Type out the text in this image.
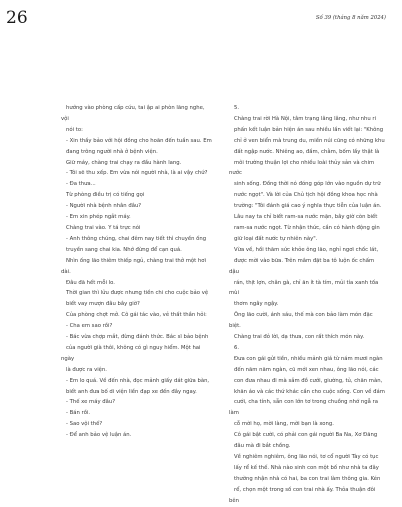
26	Số 39 (tháng 8 năm 2024)

hướng vào phòng cấp cứu, tai ập ai phòn lăng nghe, vội

nói to:

- Xin thầy bảo với hội đồng cho hoãn đến tuần sau. Em

đang trông người nhà ở bệnh viện.

Giữ máy, chàng trai chạy ra đầu hành lang.

- Tôi sẽ thu xếp. Em vừa nói người nhà, là ai vậy chứ?

- Đa thưa...

Từ phòng điều trị có tiếng gọi

- Người nhà bệnh nhân đâu?

- Em xin phép ngắt máy.

Chàng trai vào. Y tá trực nói

- Anh thông chúng, chai đêm nay tiết thì chuyền ống

truyền sang chai kia. Nhớ đừng để cạn quá.

Nhìn ống lão thiêm thiếp ngủ, chàng trai thở một hơi dài.

Đâu đã hết mỗi lo.

Thời gian thì lửu được nhưng tiền chi cho cuộc bảo vệ

biết vay mượn đâu bây giờ?

Của phòng chợt mở. Cô gái tác vào, vẻ thất thần hỏi:

- Cha em sao rồi?

- Bác vừa chợp mắt, đừng đánh thức. Bác sĩ bảo bệnh

của người già thôi, không có gì nguy hiểm. Một hai ngày

là được ra viện.

- Em lo quá. Về đến nhà, đọc mảnh giấy dát giữa bàn,

biết anh đưa bố di viện liền đạp xe đến đây ngay.

- Thế xe máy đâu?

- Bán rồi.

- Sao vội thế?

- Để anh bảo vệ luận án.

5.

Chàng trai rời Hà Nội, tâm trạng lâng lâng, như nhu ri

phấn kết luận bản hiện án sau nhiều lần viết lại: "Không

chỉ ở ven biển mà trung du, miền núi cũng có những khu

đất ngập nước. Nhiêng ao, đầm, chằm, bốm lầy thật là

môi trường thuận lợi cho nhiều loài thủy sản và chim nước

sinh sống. Đồng thời nó đóng góp lớn vào nguồn dự trữ

nước ngọt". Và lời của Chủ tịch hội đồng khoa học nhà

trường: "Tôi đánh giá cao ý nghĩa thực tiễn của luận án.

Lâu nay ta chỉ biết ram-sa nước mặn, bây giờ còn biết

ram-sa nước ngọt. Từ nhận thức, cần có hành động gìn

giữ loại đất nước tự nhiên này".

Vừa về, hồi thăm sức khỏe ông lão, nghỉ ngơi chốc lát,

được mời vào bữa. Trên mâm đặt ba tô luộn ốc chấm dậu

rán, thịt lợn, chân gà, chỉ ăn ít tà tím, mủi tía xanh tốa mùi

thơm ngây ngậy.

Ông lão cười, ánh sáu, thế mà con bảo làm món đặc biệt.

Chàng trai đỏ lời, dạ thưa, con rất thích món này.

6.

Đưa con gái gửi tiền, nhiều mảnh giá từ nám mươi ngàn

đến năm năm ngàn, cũ mới xen nhau, ông lão nói, các

con đưa nhau đi mà sắm đồ cưới, giường, tủ, chăn màn,

khăn áo và các thứ khác cần cho cuộc sống. Con về đám

cưới, cha tính, sẵn con lớn tơ trong chuồng nhớ ngẫ ra làm

cỗ mời họ, mời làng, mời bạn là xong.

Cô gái bật cười, có phải con gái người Ba Na, Xơ Đăng

đâu mà đi bắt chồng.

Về nghiêm nghiêm, ông lão nói, tơ cổ người Tày có tục

lấy rể kế thế. Nhà nào sinh con một bố như nhà ta đây

thường nhận nhà có hai, ba con trai làm thông gia. Kén

rể, chọn một trong số con trai nhà ấy. Thỏa thuận đôi bên
